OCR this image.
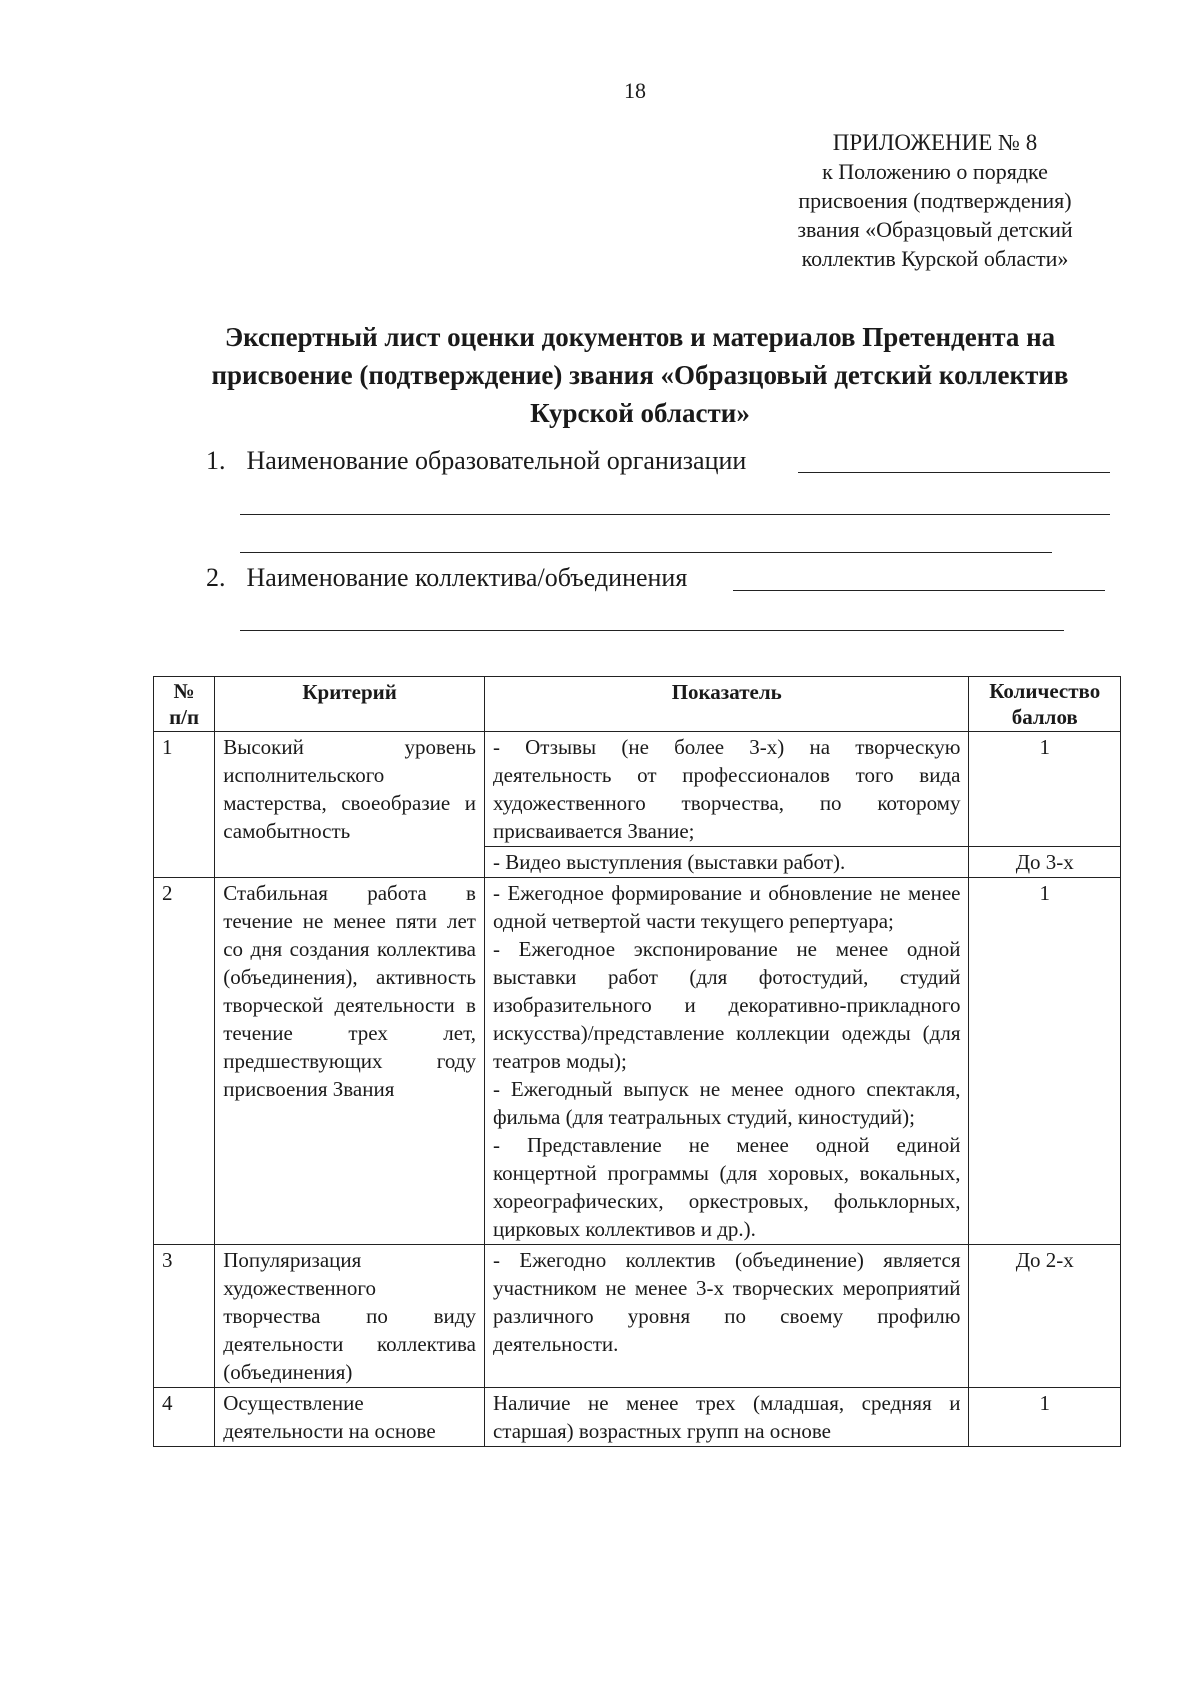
18
ПРИЛОЖЕНИЕ № 8
к Положению о порядке
присвоения (подтверждения)
звания «Образцовый детский
коллектив Курской области»
Экспертный лист оценки документов и материалов Претендента на
присвоение (подтверждение) звания «Образцовый детский коллектив
Курской области»
1. Наименование образовательной организации
2. Наименование коллектива/объединения
№ п/п	Критерий	Показатель	Количество баллов
1	Высокий уровень исполнительского мастерства, своеобразие и самобытность	- Отзывы (не более 3-х) на творческую деятельность от профессионалов того вида художественного творчества, по которому присваивается Звание;	1
		- Видео выступления (выставки работ).	До 3-х
2	Стабильная работа в течение не менее пяти лет со дня создания коллектива (объединения), активность творческой деятельности в течение трех лет, предшествующих году присвоения Звания	- Ежегодное формирование и обновление не менее одной четвертой части текущего репертуара;
- Ежегодное экспонирование не менее одной выставки работ (для фотостудий, студий изобразительного и декоративно-прикладного искусства)/представление коллекции одежды (для театров моды);
- Ежегодный выпуск не менее одного спектакля, фильма (для театральных студий, киностудий);
- Представление не менее одной единой концертной программы (для хоровых, вокальных, хореографических, оркестровых, фольклорных, цирковых коллективов и др.).	1
3	Популяризация художественного творчества по виду деятельности коллектива (объединения)	- Ежегодно коллектив (объединение) является участником не менее 3-х творческих мероприятий различного уровня по своему профилю деятельности.	До 2-х
4	Осуществление деятельности на основе	Наличие не менее трех (младшая, средняя и старшая) возрастных групп на основе	1
